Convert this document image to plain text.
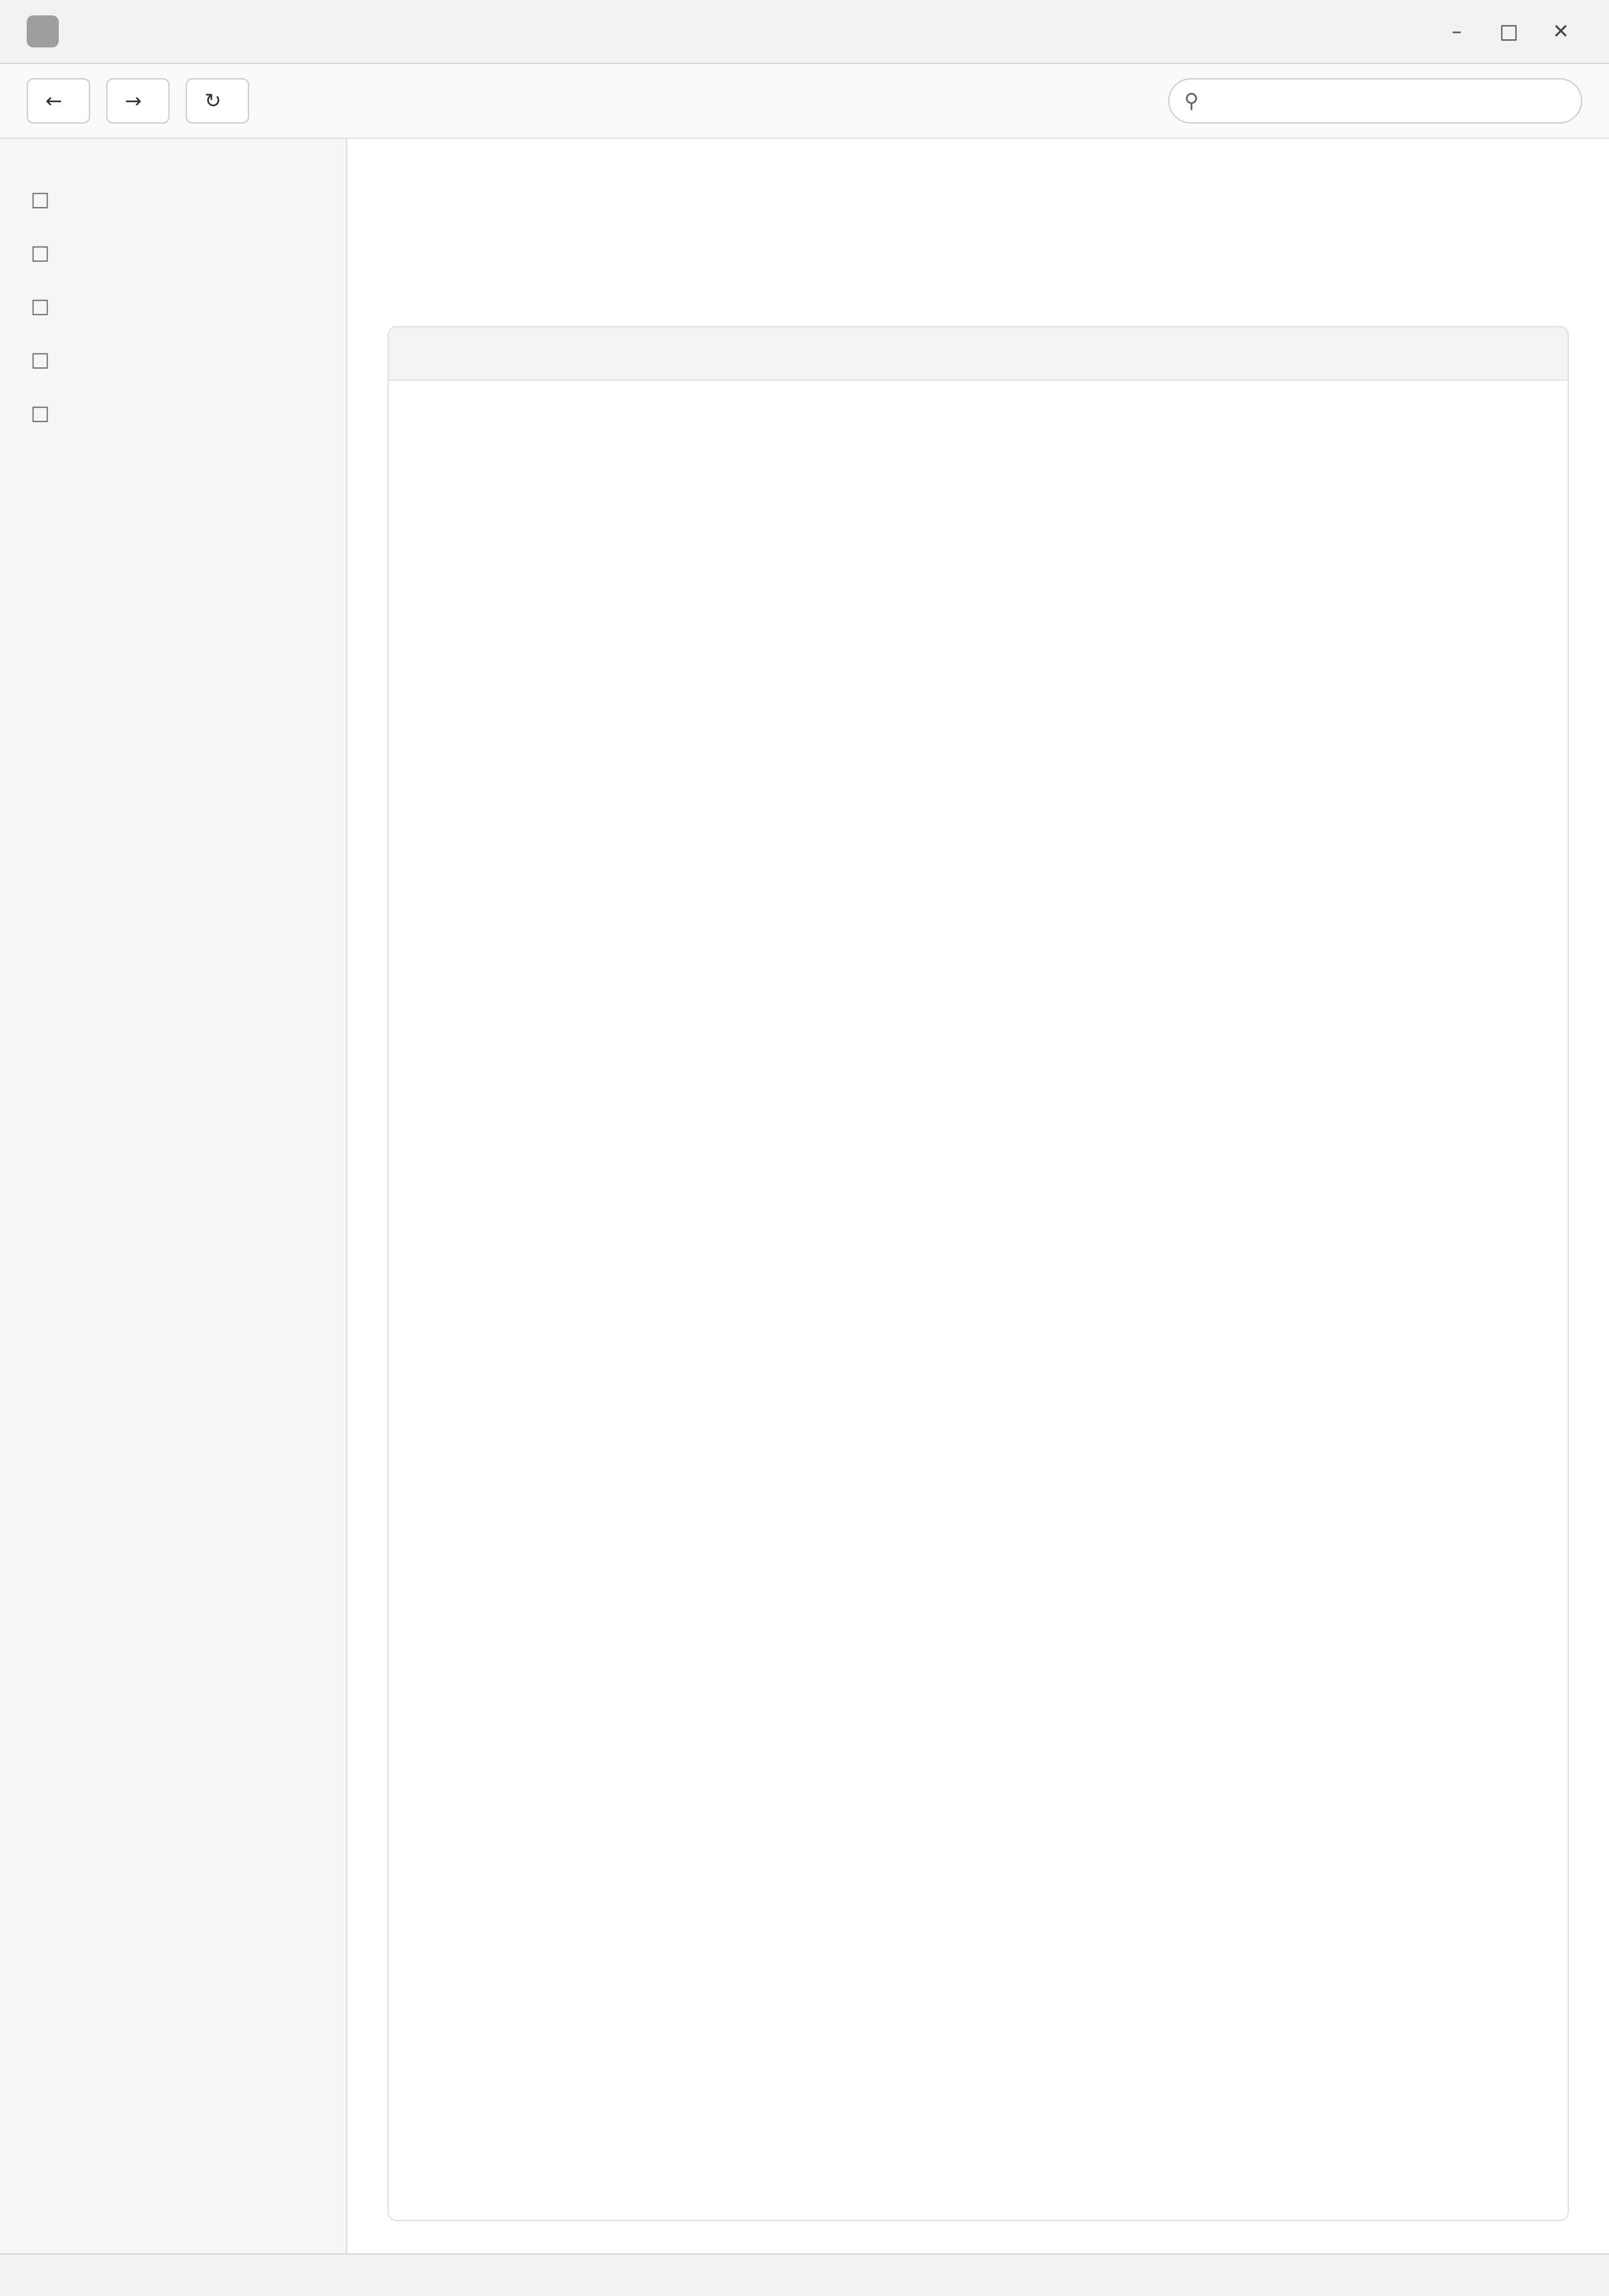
–	□	✕
←	→	↻	⚲
□
□
□
□
□
